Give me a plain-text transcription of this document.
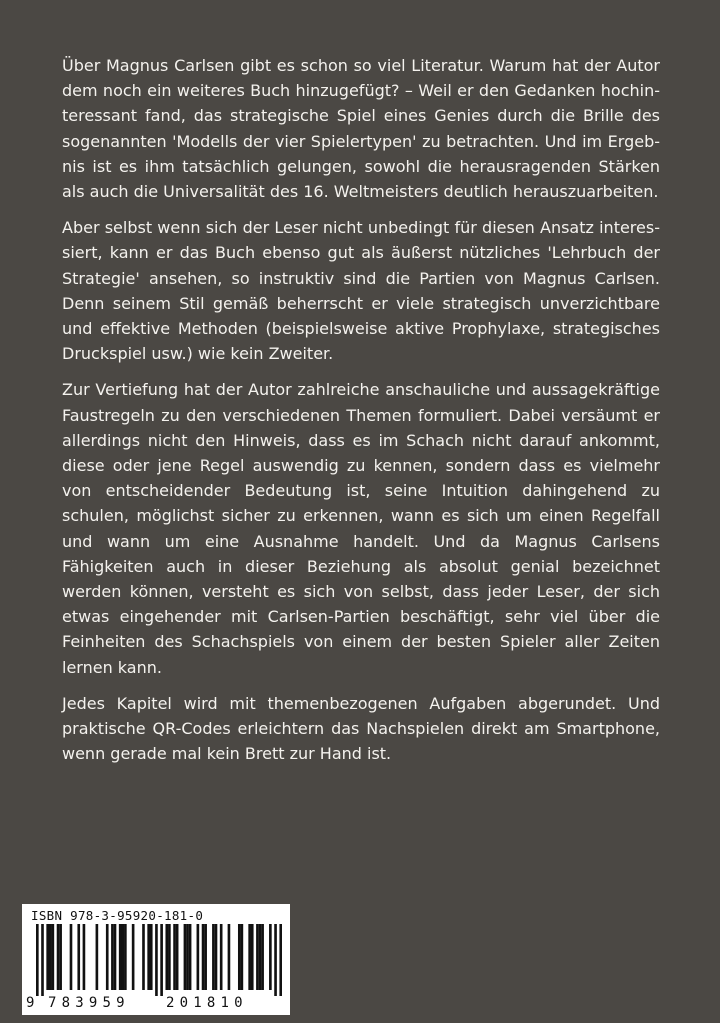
Über Magnus Carlsen gibt es schon so viel Literatur. Warum hat der Autor dem noch ein weiteres Buch hinzugefügt? – Weil er den Gedanken hochinteressant fand, das strategische Spiel eines Genies durch die Brille des sogenannten 'Modells der vier Spielertypen' zu betrachten. Und im Ergebnis ist es ihm tatsächlich gelungen, sowohl die herausragenden Stärken als auch die Universalität des 16. Weltmeisters deutlich herauszuarbeiten.

Aber selbst wenn sich der Leser nicht unbedingt für diesen Ansatz interessiert, kann er das Buch ebenso gut als äußerst nützliches 'Lehrbuch der Strategie' ansehen, so instruktiv sind die Partien von Magnus Carlsen. Denn seinem Stil gemäß beherrscht er viele strategisch unverzichtbare und effektive Methoden (beispielsweise aktive Prophylaxe, strategisches Druckspiel usw.) wie kein Zweiter.

Zur Vertiefung hat der Autor zahlreiche anschauliche und aussagekräftige Faustregeln zu den verschiedenen Themen formuliert. Dabei versäumt er allerdings nicht den Hinweis, dass es im Schach nicht darauf ankommt, diese oder jene Regel auswendig zu kennen, sondern dass es vielmehr von entscheidender Bedeutung ist, seine Intuition dahingehend zu schulen, möglichst sicher zu erkennen, wann es sich um einen Regelfall und wann um eine Ausnahme handelt. Und da Magnus Carlsens Fähigkeiten auch in dieser Beziehung als absolut genial bezeichnet werden können, versteht es sich von selbst, dass jeder Leser, der sich etwas eingehender mit Carlsen-Partien beschäftigt, sehr viel über die Feinheiten des Schachspiels von einem der besten Spieler aller Zeiten lernen kann.

Jedes Kapitel wird mit themenbezogenen Aufgaben abgerundet. Und praktische QR-Codes erleichtern das Nachspielen direkt am Smartphone, wenn gerade mal kein Brett zur Hand ist.

ISBN 978-3-95920-181-0
9 783959	201810
